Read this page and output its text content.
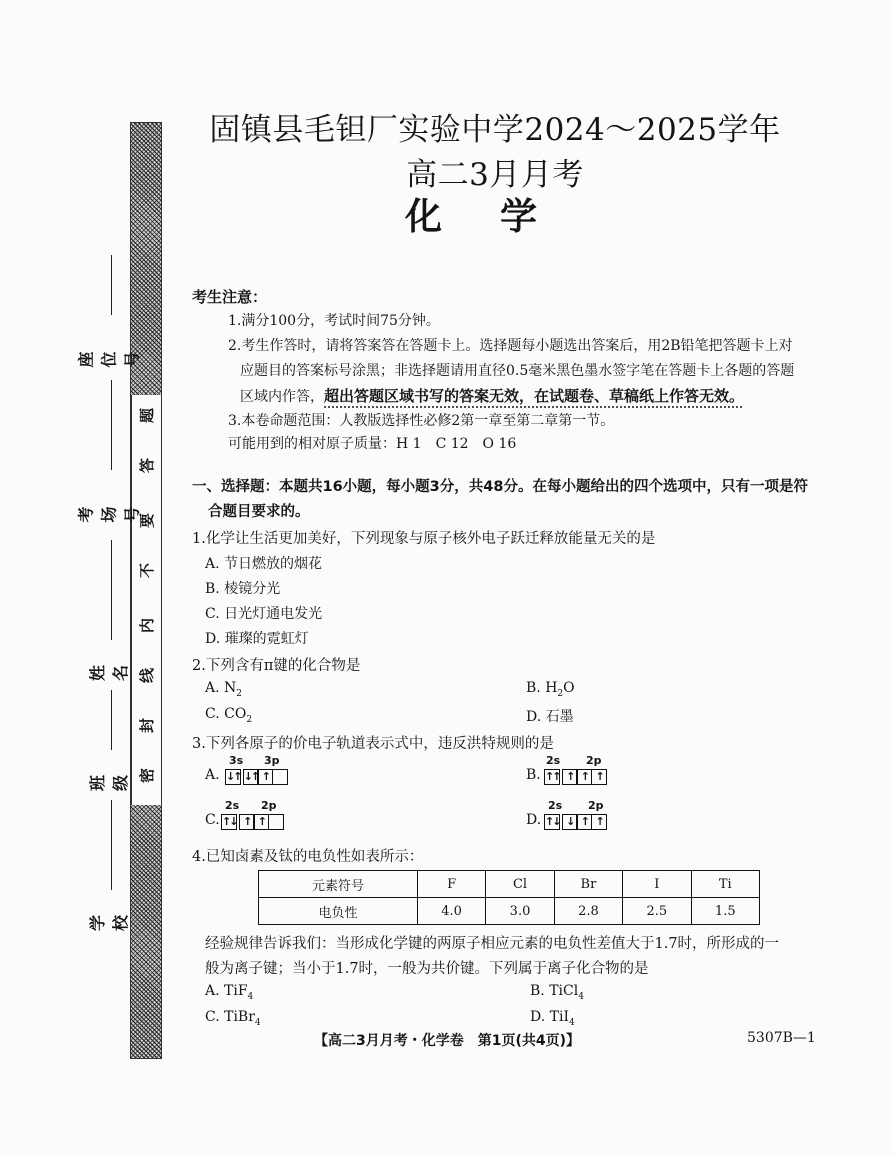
题
答
要
不
内
线
封
密
座位号
考场号
姓名
班级
学校
固镇县毛钽厂实验中学2024～2025学年高二3月月考
化学
考生注意：
1.满分100分，考试时间75分钟。
2.考生作答时，请将答案答在答题卡上。选择题每小题选出答案后，用2B铅笔把答题卡上对
应题目的答案标号涂黑；非选择题请用直径0.5毫米黑色墨水签字笔在答题卡上各题的答题
区域内作答，超出答题区域书写的答案无效，在试题卷、草稿纸上作答无效。
3.本卷命题范围：人教版选择性必修2第一章至第二章第一节。
可能用到的相对原子质量：H 1　C 12　O 16
一、选择题：本题共16小题，每小题3分，共48分。在每小题给出的四个选项中，只有一项是符
合题目要求的。
1.化学让生活更加美好，下列现象与原子核外电子跃迁释放能量无关的是
A. 节日燃放的烟花
B. 棱镜分光
C. 日光灯通电发光
D. 璀璨的霓虹灯
2.下列含有π键的化合物是
A. $N_2$	B. $H_2O$
C. $CO_2$	D. 石墨
3.下列各原子的价电子轨道表示式中，违反洪特规则的是
A.
3s 3p
↓↑ ↓↑ ↑	B.
2s 2p
↑↑ ↑ ↑ ↑
C.
2s 2p
↑↓ ↑ ↑	D.
2s 2p
↑↓ ↓ ↑ ↑
4.已知卤素及钛的电负性如表所示：
元素符号	F	Cl	Br	I	Ti
电负性	4.0	3.0	2.8	2.5	1.5
经验规律告诉我们：当形成化学键的两原子相应元素的电负性差值大于1.7时，所形成的一
般为离子键；当小于1.7时，一般为共价键。下列属于离子化合物的是
A. TiF$_4$	B. TiCl$_4$
C. TiBr$_4$	D. TiI$_4$
【高二3月月考・化学卷　第1页(共4页)】	5307B—1
